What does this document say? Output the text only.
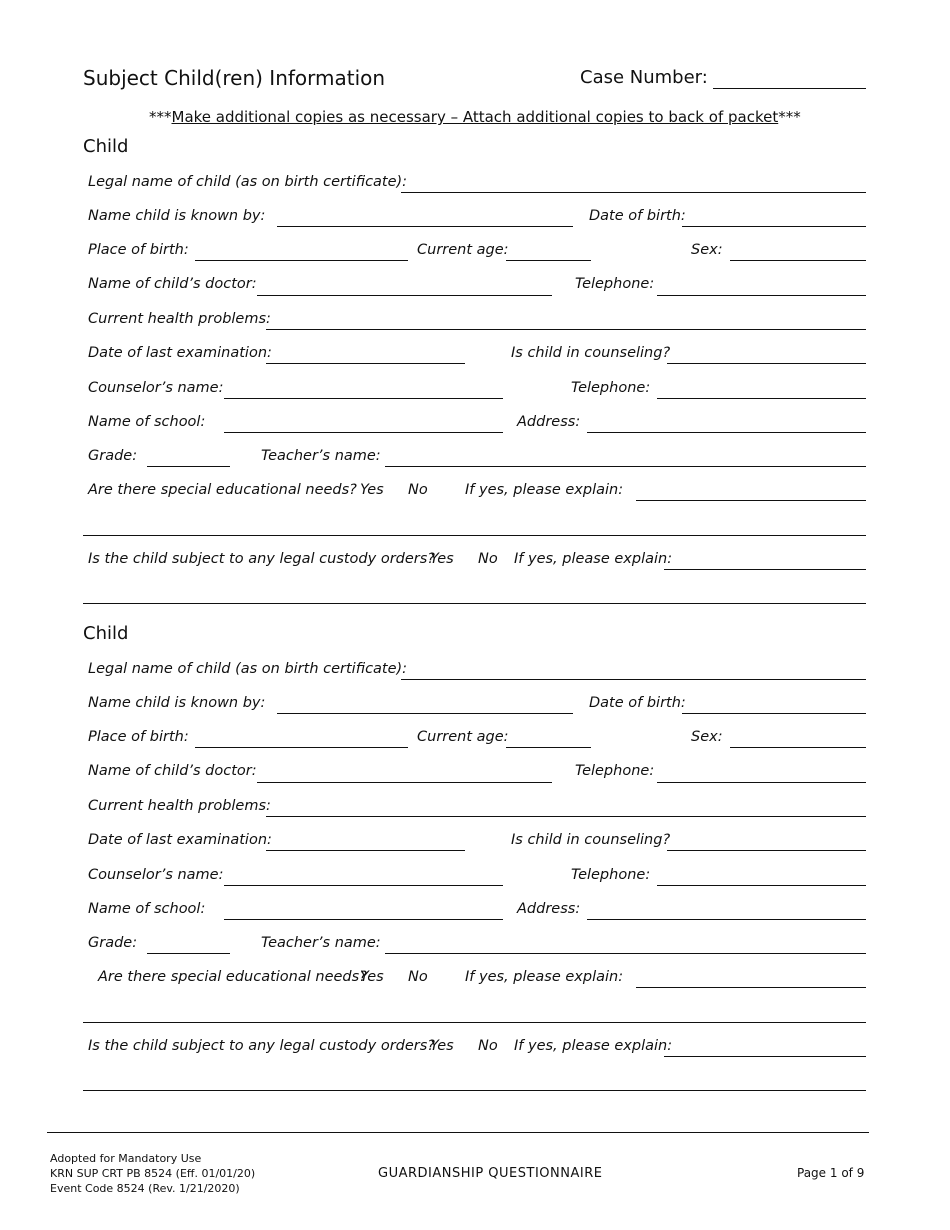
Subject Child(ren) Information	Case Number:
***Make additional copies as necessary – Attach additional copies to back of packet***
Child
Legal name of child (as on birth certificate):
Name child is known by:	Date of birth:
Place of birth:	Current age:	Sex:
Name of child’s doctor:	Telephone:
Current health problems:
Date of last examination:	Is child in counseling?
Counselor’s name:	Telephone:
Name of school:	Address:
Grade:	Teacher’s name:
Are there special educational needs? Yes No	If yes, please explain:
Is the child subject to any legal custody orders?
Yes No If yes, please explain:
Child
Legal name of child (as on birth certificate):
Name child is known by:	Date of birth:
Place of birth:	Current age:	Sex:
Name of child’s doctor:	Telephone:
Current health problems:
Date of last examination:	Is child in counseling?
Counselor’s name:	Telephone:
Name of school:	Address:
Grade:	Teacher’s name:
Are there special educational needs?
Yes No	If yes, please explain:
Is the child subject to any legal custody orders?
Yes No If yes, please explain:
Adopted for Mandatory Use
KRN SUP CRT PB 8524 (Eff. 01/01/20)
Event Code 8524 (Rev. 1/21/2020)
GUARDIANSHIP QUESTIONNAIRE	Page 1 of 9
